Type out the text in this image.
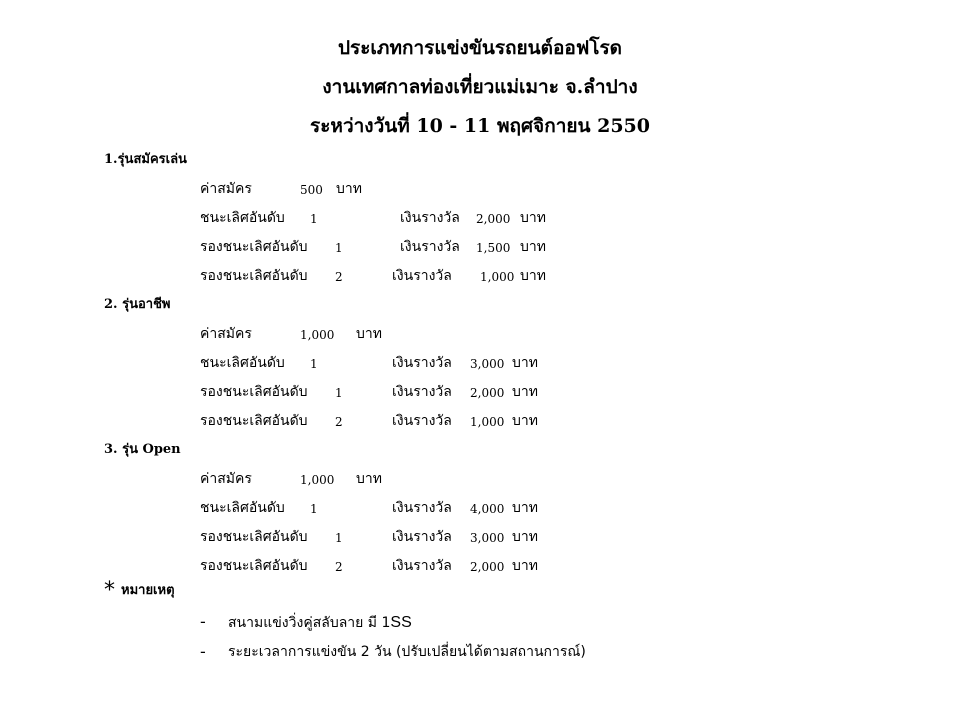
ประเภทการแข่งขันรถยนต์ออฟโรด
งานเทศกาลท่องเที่ยวแม่เมาะ จ.ลำปาง
ระหว่างวันที่ 10 - 11 พฤศจิกายน 2550
1.รุ่นสมัครเล่น
ค่าสมัคร	500 บาท
ชนะเลิศอันดับ 1	เงินรางวัล 2,000 บาท
รองชนะเลิศอันดับ 1	เงินรางวัล 1,500 บาท
รองชนะเลิศอันดับ 2	เงินรางวัล 1,000 บาท
2. รุ่นอาชีพ
ค่าสมัคร	1,000 บาท
ชนะเลิศอันดับ 1	เงินรางวัล 3,000 บาท
รองชนะเลิศอันดับ 1	เงินรางวัล 2,000 บาท
รองชนะเลิศอันดับ 2	เงินรางวัล 1,000 บาท
3. รุ่น Open
ค่าสมัคร	1,000 บาท
ชนะเลิศอันดับ 1	เงินรางวัล 4,000 บาท
รองชนะเลิศอันดับ 1	เงินรางวัล 3,000 บาท
รองชนะเลิศอันดับ 2	เงินรางวัล 2,000 บาท
* หมายเหตุ
- สนามแข่งวิ่งคู่สลับลาย มี 1SS
- ระยะเวลาการแข่งขัน 2 วัน (ปรับเปลี่ยนได้ตามสถานการณ์)
